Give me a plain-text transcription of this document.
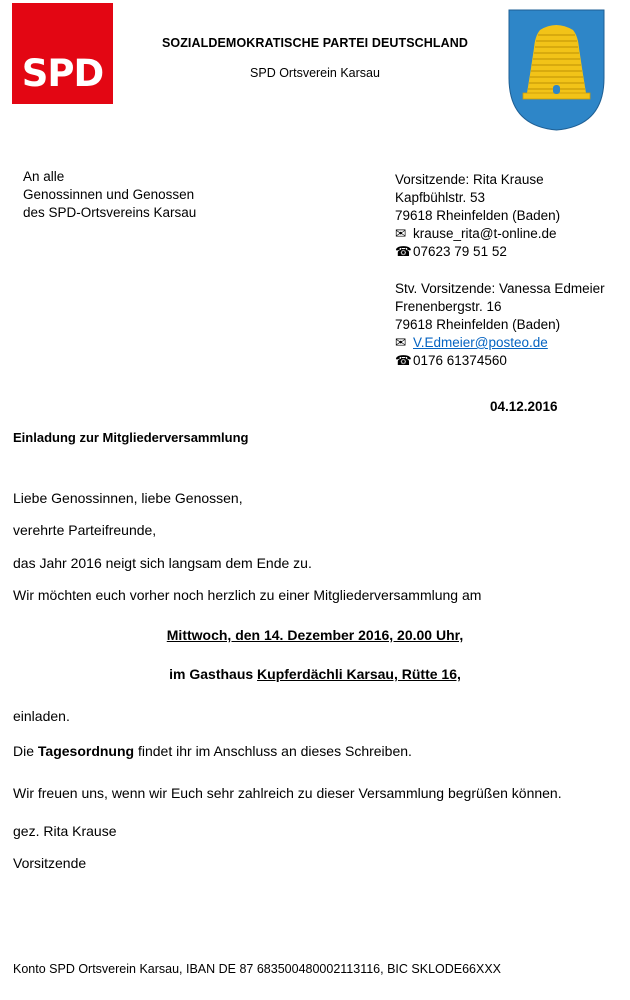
SPD
SOZIALDEMOKRATISCHE PARTEI DEUTSCHLAND
SPD Ortsverein Karsau
An alle
Genossinnen und Genossen
des SPD-Ortsvereins Karsau
Vorsitzende: Rita Krause
Kapfbühlstr. 53
79618 Rheinfelden (Baden)
✉ krause_rita@t-online.de
☎07623 79 51 52
Stv. Vorsitzende: Vanessa Edmeier
Frenenbergstr. 16
79618 Rheinfelden (Baden)
✉ V.Edmeier@posteo.de
☎0176 61374560
04.12.2016
Einladung zur Mitgliederversammlung
Liebe Genossinnen, liebe Genossen,
verehrte Parteifreunde,
das Jahr 2016 neigt sich langsam dem Ende zu.
Wir möchten euch vorher noch herzlich zu einer Mitgliederversammlung am
Mittwoch, den 14. Dezember 2016, 20.00 Uhr,
im Gasthaus Kupferdächli Karsau, Rütte 16,
einladen.
Die Tagesordnung findet ihr im Anschluss an dieses Schreiben.
Wir freuen uns, wenn wir Euch sehr zahlreich zu dieser Versammlung begrüßen können.
gez. Rita Krause
Vorsitzende
Konto SPD Ortsverein Karsau, IBAN DE 87 683500480002113116, BIC SKLODE66XXX
